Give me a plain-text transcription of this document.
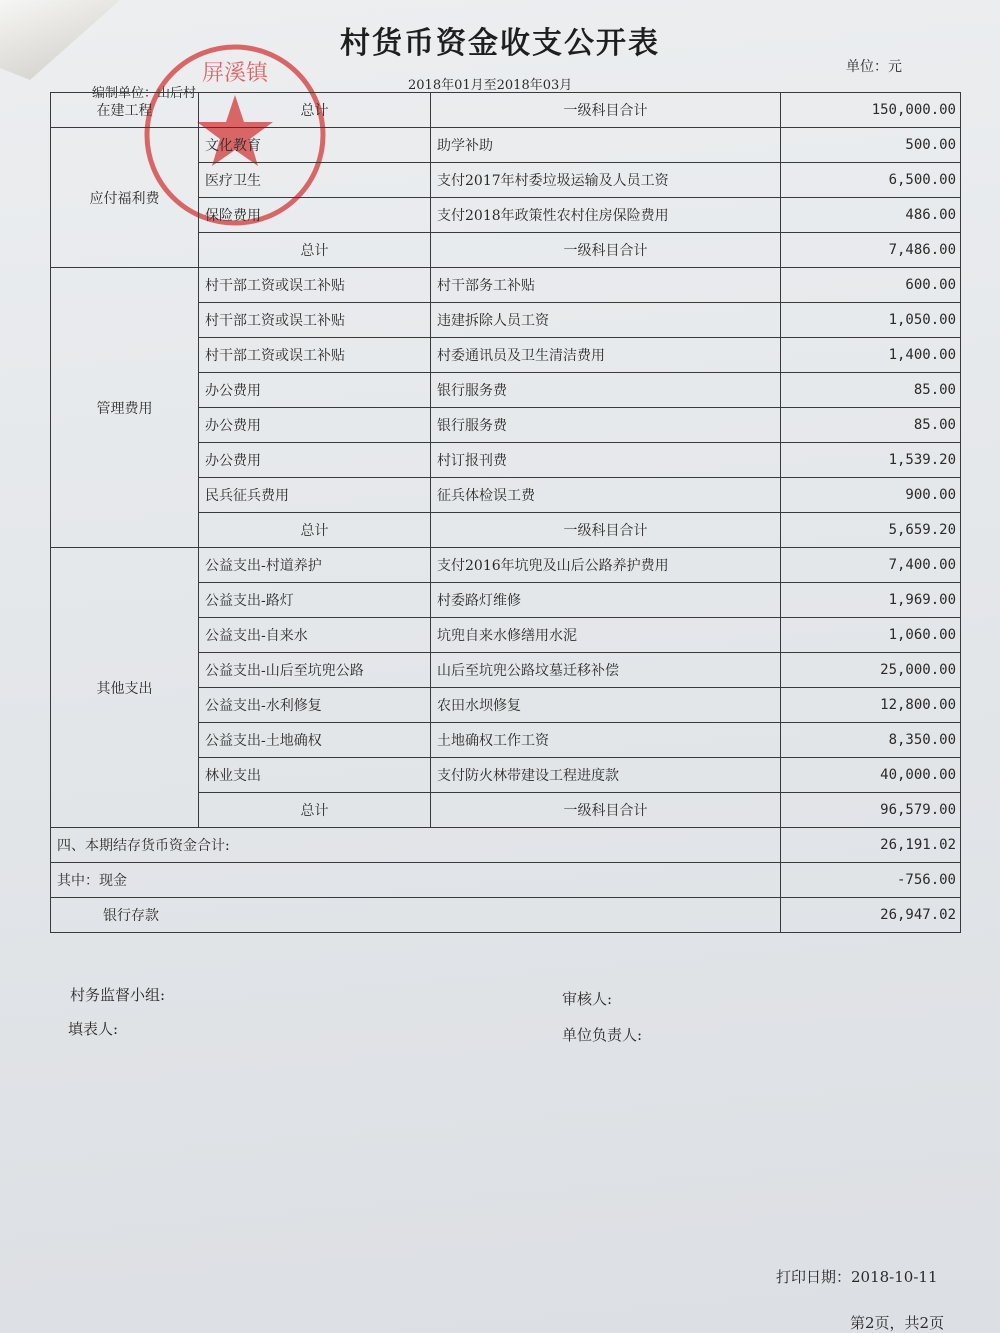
村货币资金收支公开表
单位：元
编制单位：山后村
2018年01月至2018年03月
屏溪镇
在建工程	总计	一级科目合计	150,000.00
应付福利费	文化教育	助学补助	500.00
	医疗卫生	支付2017年村委垃圾运输及人员工资	6,500.00
	保险费用	支付2018年政策性农村住房保险费用	486.00
	总计	一级科目合计	7,486.00
管理费用	村干部工资或误工补贴	村干部务工补贴	600.00
	村干部工资或误工补贴	违建拆除人员工资	1,050.00
	村干部工资或误工补贴	村委通讯员及卫生清洁费用	1,400.00
	办公费用	银行服务费	85.00
	办公费用	银行服务费	85.00
	办公费用	村订报刊费	1,539.20
	民兵征兵费用	征兵体检误工费	900.00
	总计	一级科目合计	5,659.20
其他支出	公益支出-村道养护	支付2016年坑兜及山后公路养护费用	7,400.00
	公益支出-路灯	村委路灯维修	1,969.00
	公益支出-自来水	坑兜自来水修缮用水泥	1,060.00
	公益支出-山后至坑兜公路	山后至坑兜公路坟墓迁移补偿	25,000.00
	公益支出-水利修复	农田水坝修复	12,800.00
	公益支出-土地确权	土地确权工作工资	8,350.00
	林业支出	支付防火林带建设工程进度款	40,000.00
	总计	一级科目合计	96,579.00
四、本期结存货币资金合计:			26,191.02
其中：现金			-756.00
银行存款			26,947.02
村务监督小组:	审核人:
填表人:	单位负责人:
打印日期：2018-10-11
第2页，共2页
